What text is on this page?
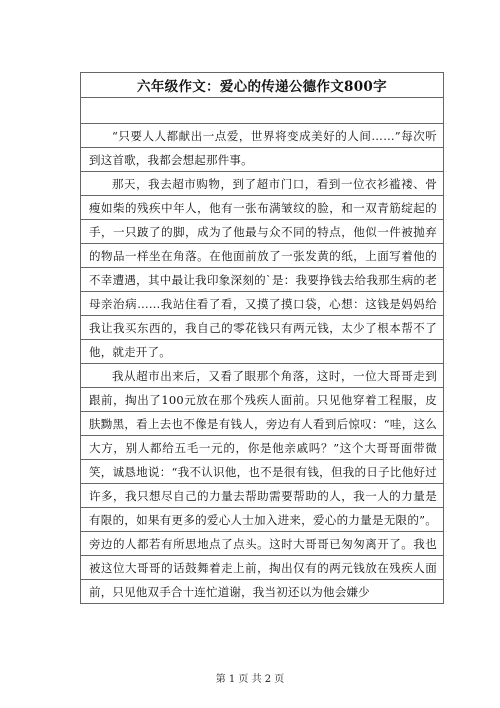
六年级作文：爱心的传递公德作文800字

“只要人人都献出一点爱，世界将变成美好的人间……”每次听到这首歌，我都会想起那件事。

那天，我去超市购物，到了超市门口，看到一位衣衫褴褛、骨瘦如柴的残疾中年人，他有一张布满皱纹的脸，和一双青筋绽起的手，一只跛了的脚，成为了他最与众不同的特点，他似一件被抛弃的物品一样坐在角落。在他面前放了一张发黄的纸，上面写着他的不幸遭遇，其中最让我印象深刻的`是：我要挣钱去给我那生病的老母亲治病……我站住看了看，又摸了摸口袋，心想：这钱是妈妈给我让我买东西的，我自己的零花钱只有两元钱，太少了根本帮不了他，就走开了。

我从超市出来后，又看了眼那个角落，这时，一位大哥哥走到跟前，掏出了100元放在那个残疾人面前。只见他穿着工程服，皮肤黝黑，看上去也不像是有钱人，旁边有人看到后惊叹：“哇，这么大方，别人都给五毛一元的，你是他亲戚吗？”这个大哥哥面带微笑，诚恳地说：“我不认识他，也不是很有钱，但我的日子比他好过许多，我只想尽自己的力量去帮助需要帮助的人，我一人的力量是有限的，如果有更多的爱心人士加入进来，爱心的力量是无限的”。旁边的人都若有所思地点了点头。这时大哥哥已匆匆离开了。我也被这位大哥哥的话鼓舞着走上前，掏出仅有的两元钱放在残疾人面前，只见他双手合十连忙道谢，我当初还以为他会嫌少

第 1 页 共 2 页
